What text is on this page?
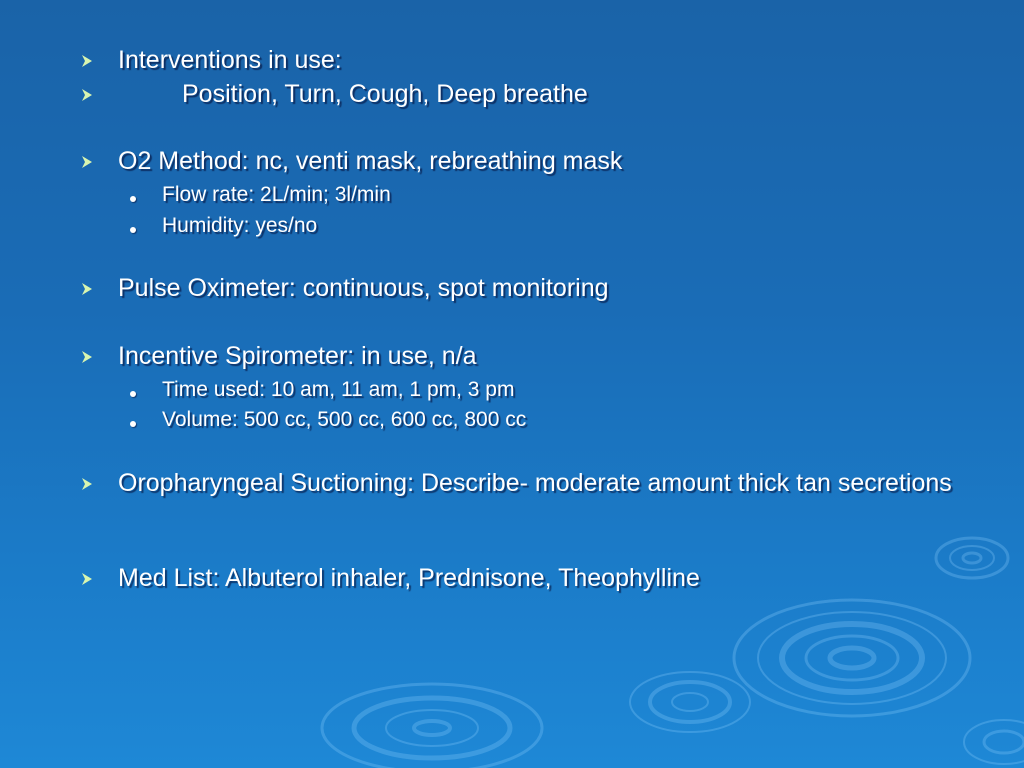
Interventions in use:
Position, Turn, Cough, Deep breathe
O2 Method: nc, venti mask, rebreathing mask
Flow rate: 2L/min; 3l/min
Humidity: yes/no
Pulse Oximeter: continuous, spot monitoring
Incentive Spirometer: in use, n/a
Time used: 10 am, 11 am, 1 pm, 3 pm
Volume: 500 cc, 500 cc, 600 cc, 800 cc
Oropharyngeal Suctioning: Describe- moderate amount thick tan secretions
Med List: Albuterol inhaler, Prednisone, Theophylline
